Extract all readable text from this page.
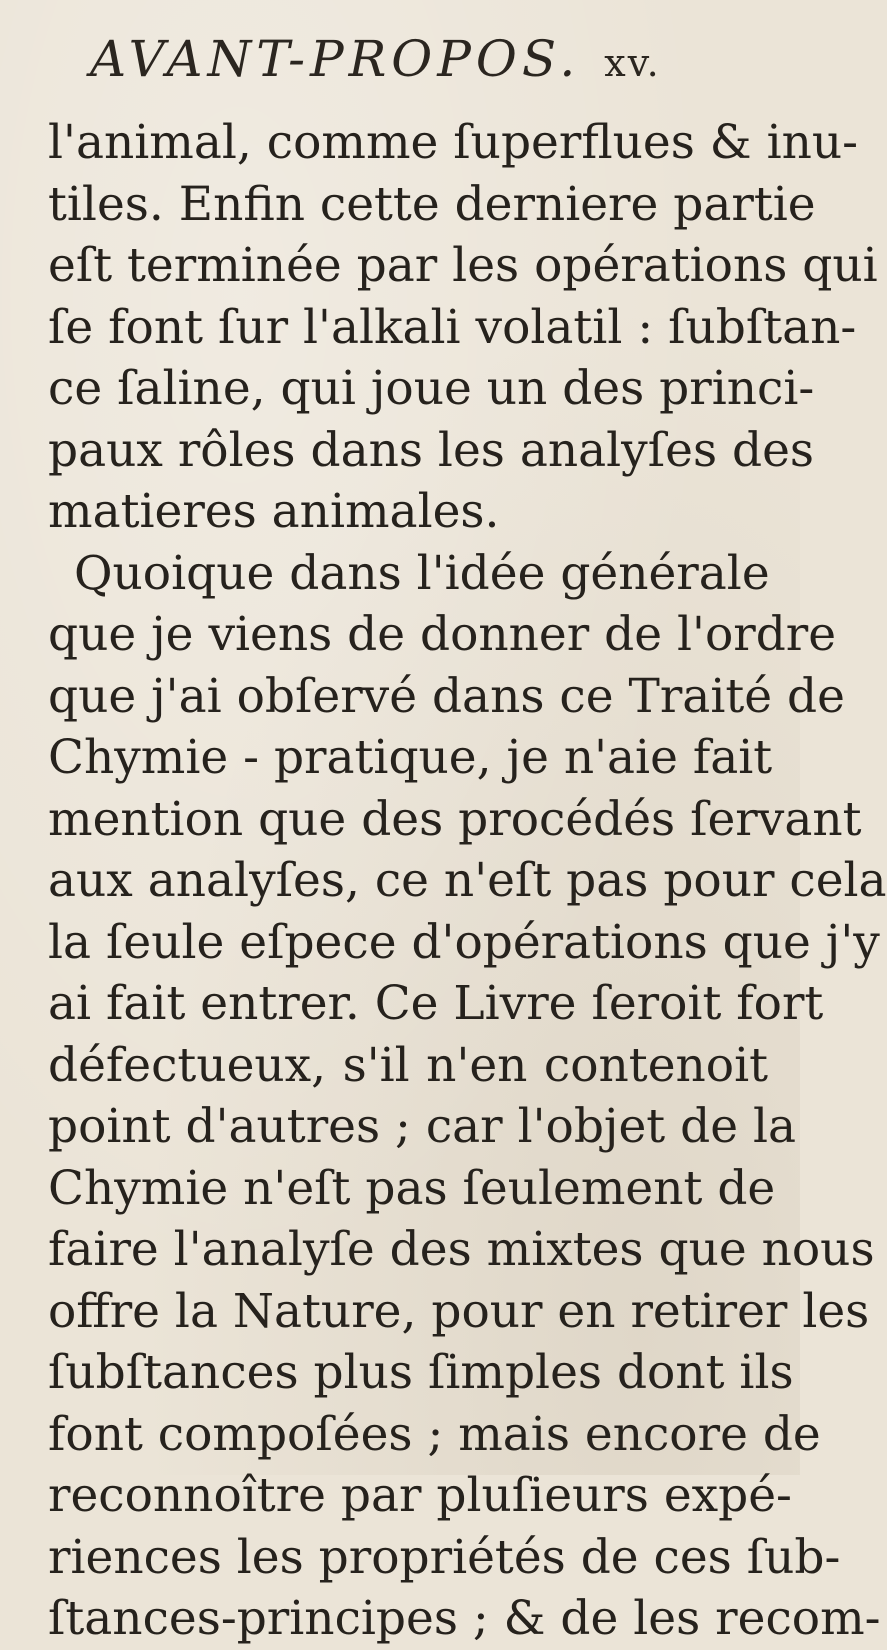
AVANT-PROPOS. xv.
l'animal, comme ſuperflues & inu-
tiles. Enfin cette derniere partie
eſt terminée par les opérations qui
ſe font ſur l'alkali volatil : ſubſtan-
ce ſaline, qui joue un des princi-
paux rôles dans les analyſes des
matieres animales.
Quoique dans l'idée générale
que je viens de donner de l'ordre
que j'ai obſervé dans ce Traité de
Chymie - pratique, je n'aie fait
mention que des procédés ſervant
aux analyſes, ce n'eſt pas pour cela
la ſeule eſpece d'opérations que j'y
ai fait entrer. Ce Livre ſeroit fort
défectueux, s'il n'en contenoit
point d'autres ; car l'objet de la
Chymie n'eſt pas ſeulement de
faire l'analyſe des mixtes que nous
offre la Nature, pour en retirer les
ſubſtances plus ſimples dont ils
font compoſées ; mais encore de
reconnoître par pluſieurs expé-
riences les propriétés de ces ſub-
ſtances-principes ; & de les recom-
